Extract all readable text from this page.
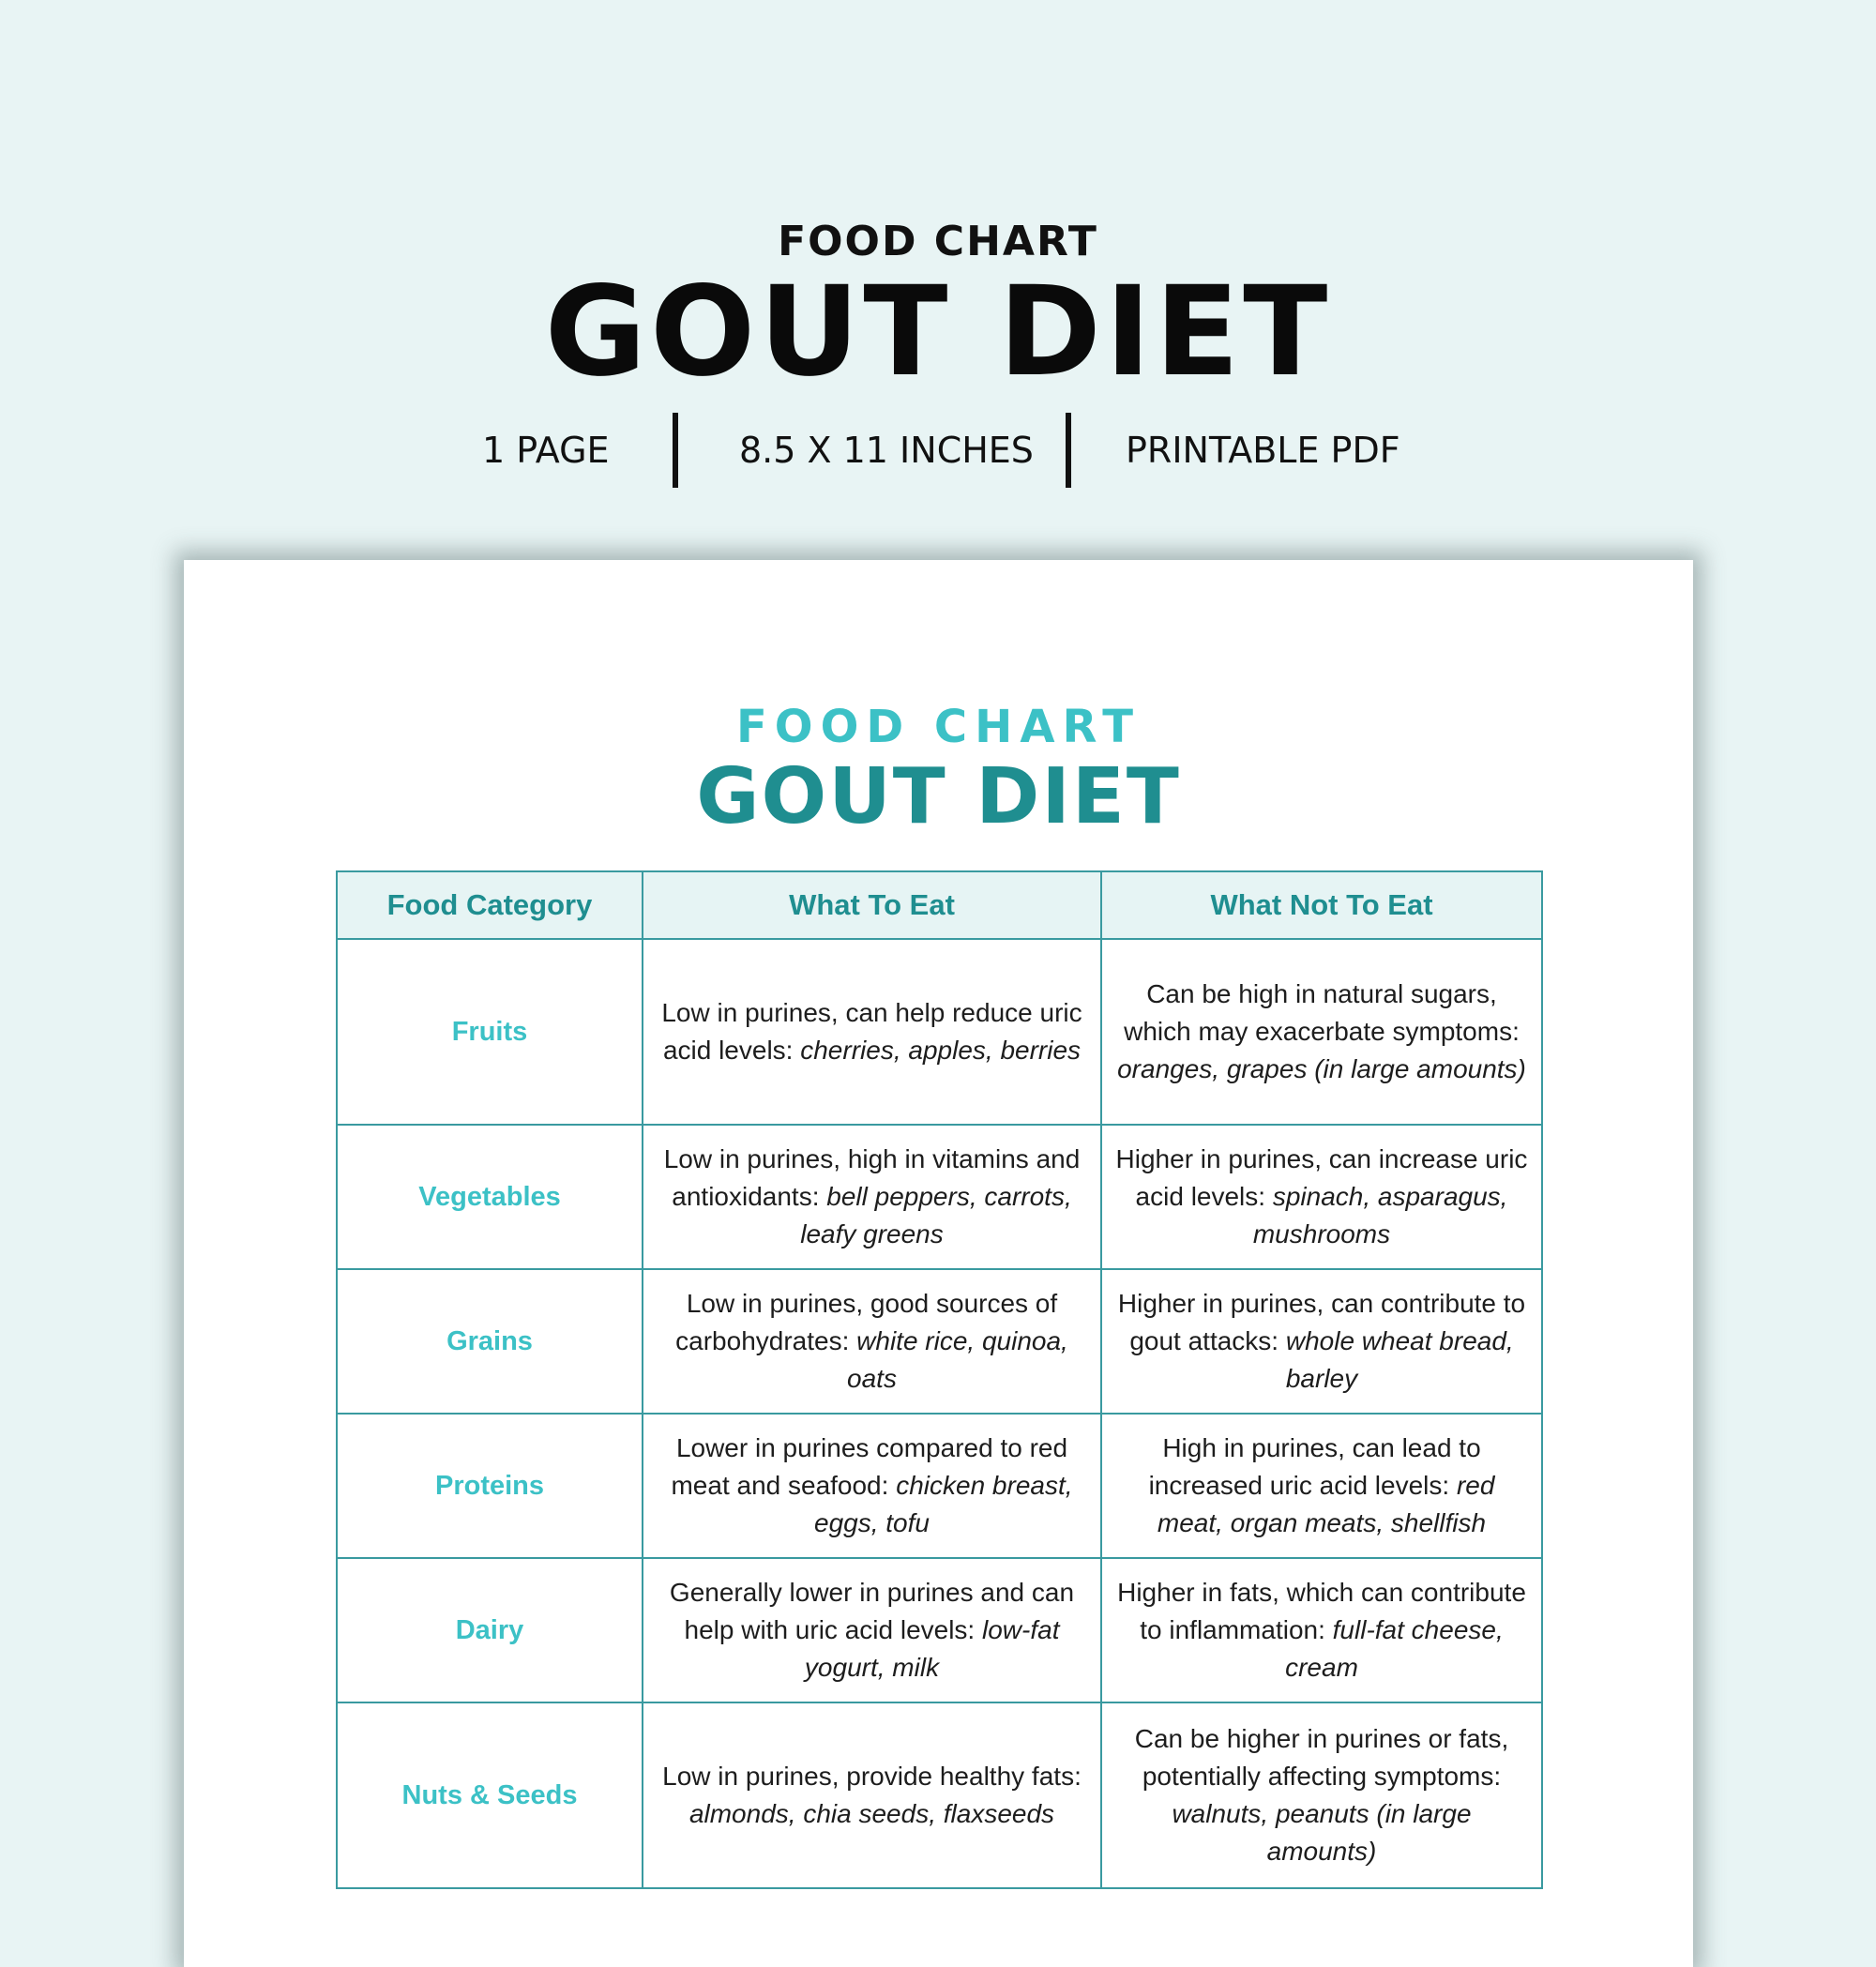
FOOD CHART
GOUT DIET
1 PAGE	8.5 X 11 INCHES	PRINTABLE PDF
FOOD CHART
GOUT DIET
Food Category	What To Eat	What Not To Eat
Fruits	Low in purines, can help reduce uric acid levels: cherries, apples, berries	Can be high in natural sugars, which may exacerbate symptoms: oranges, grapes (in large amounts)
Vegetables	Low in purines, high in vitamins and antioxidants: bell peppers, carrots, leafy greens	Higher in purines, can increase uric acid levels: spinach, asparagus, mushrooms
Grains	Low in purines, good sources of carbohydrates: white rice, quinoa, oats	Higher in purines, can contribute to gout attacks: whole wheat bread, barley
Proteins	Lower in purines compared to red meat and seafood: chicken breast, eggs, tofu	High in purines, can lead to increased uric acid levels: red meat, organ meats, shellfish
Dairy	Generally lower in purines and can help with uric acid levels: low-fat yogurt, milk	Higher in fats, which can contribute to inflammation: full-fat cheese, cream
Nuts & Seeds	Low in purines, provide healthy fats: almonds, chia seeds, flaxseeds	Can be higher in purines or fats, potentially affecting symptoms: walnuts, peanuts (in large amounts)
